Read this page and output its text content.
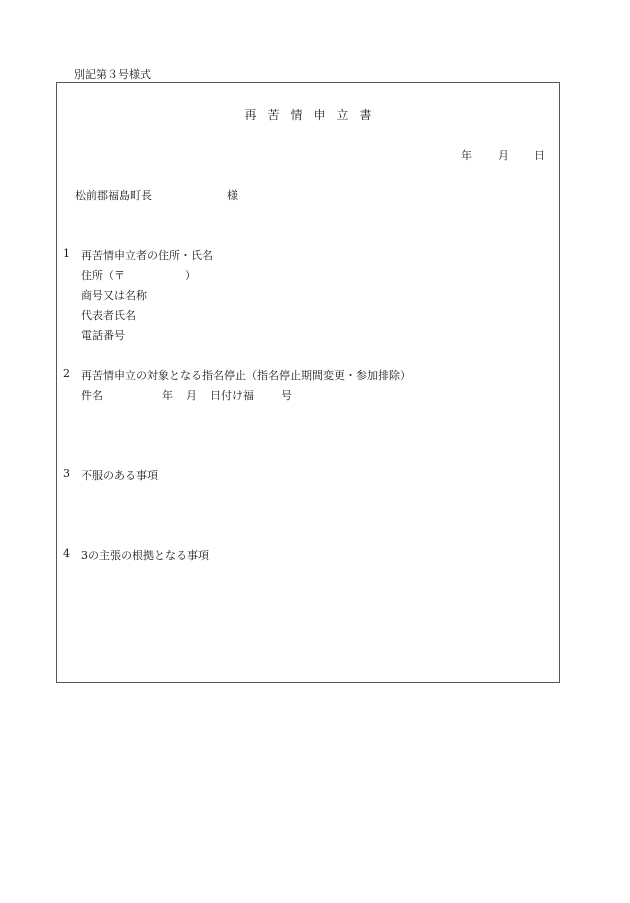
別記第３号様式
再苦情申立書
年 月 日
松前郡福島町長	様
1 再苦情申立者の住所・氏名
住所（〒	）
商号又は名称
代表者氏名
電話番号
2 再苦情申立の対象となる指名停止（指名停止期間変更・参加排除）
件名	年 月 日付け福 号
3 不服のある事項
4 3の主張の根拠となる事項
